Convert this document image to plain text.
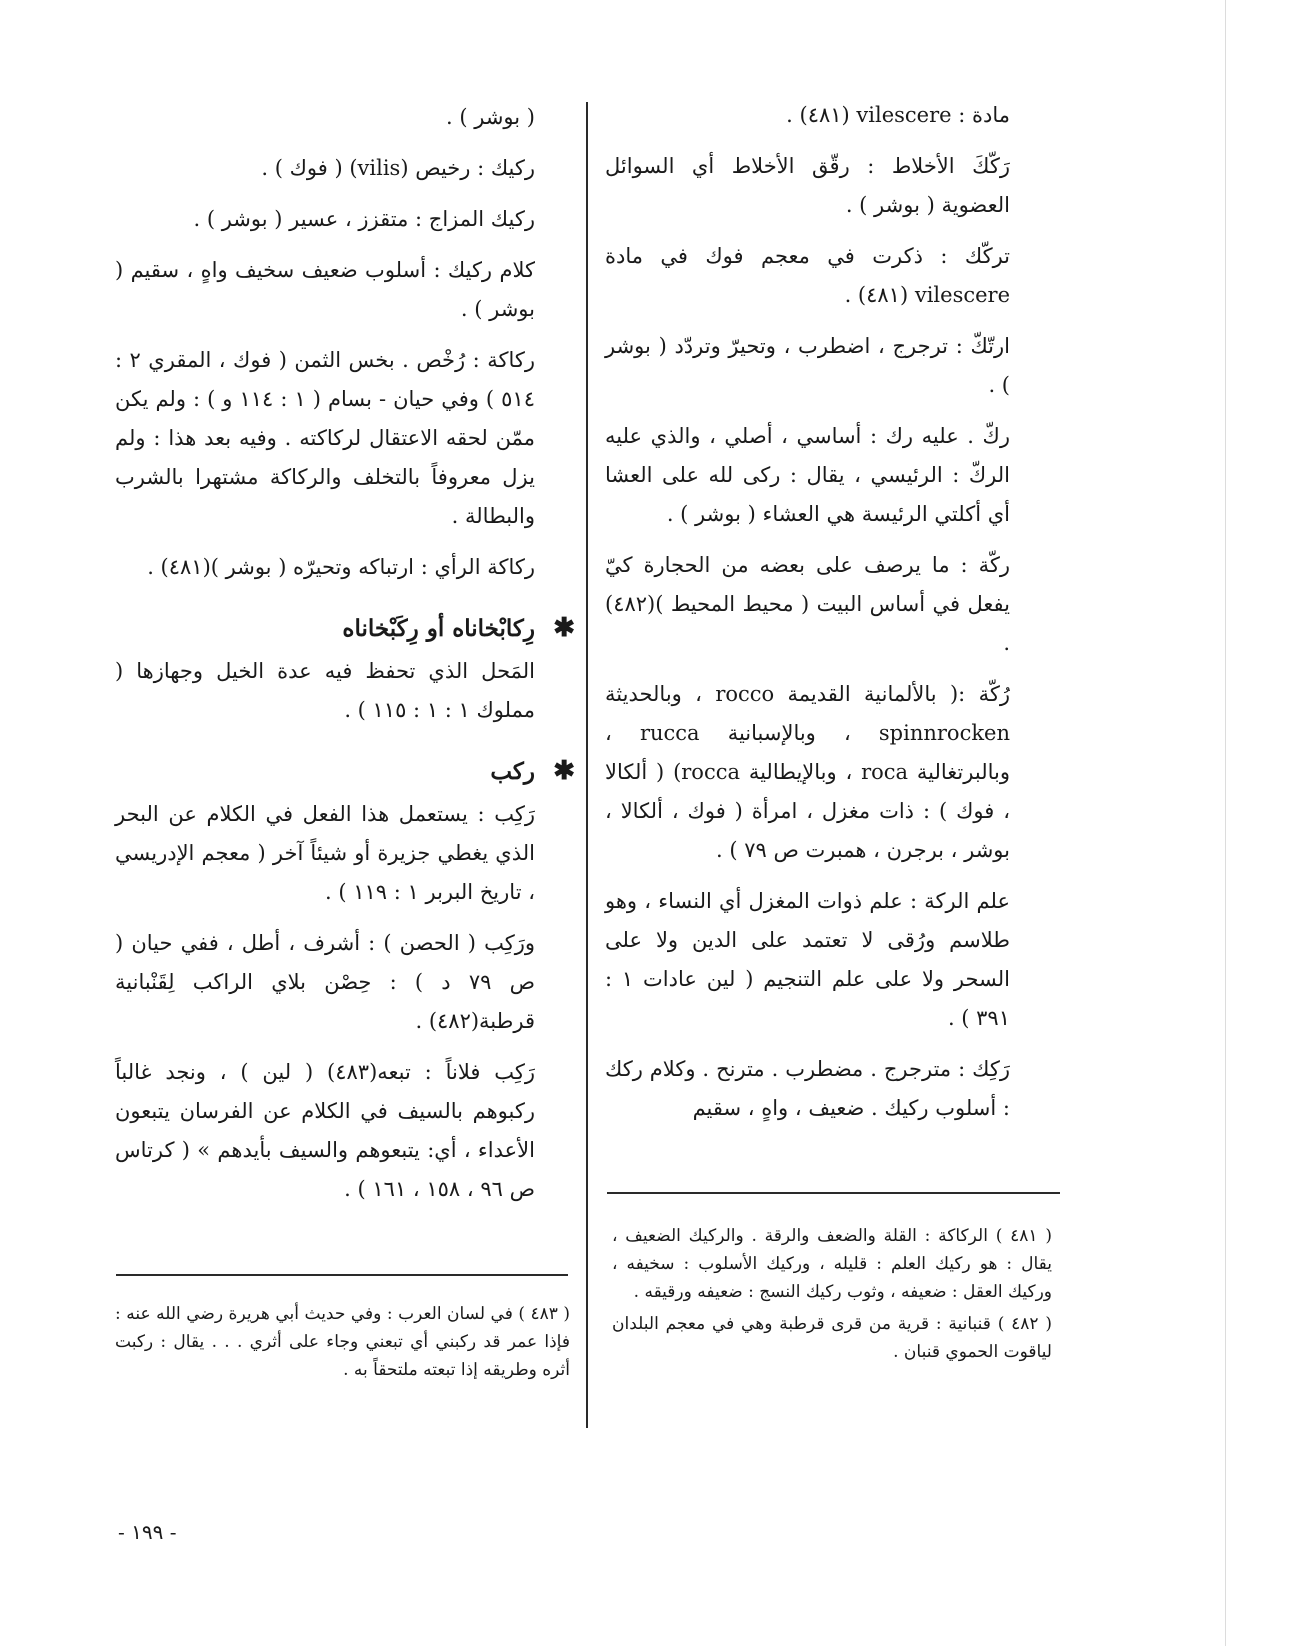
مادة : vilescere (٤٨١) .

رَكّكَ الأخلاط : رقّق الأخلاط أي السوائل العضوية ( بوشر ) .

تركّك : ذكرت في معجم فوك في مادة vilescere (٤٨١) .

ارتّكّ : ترجرج ، اضطرب ، وتحيرّ وتردّد ( بوشر ) .

ركّ . عليه رك : أساسي ، أصلي ، والذي عليه الركّ : الرئيسي ، يقال : ركى لله على العشا أي أكلتي الرئيسة هي العشاء ( بوشر ) .

ركّة : ما يرصف على بعضه من الحجارة كيّ يفعل في أساس البيت ( محيط المحيط )(٤٨٢) .

رُكّة :( بالألمانية القديمة rocco ، وبالحديثة spinnrocken ، وبالإسبانية rucca ، وبالبرتغالية roca ، وبالإيطالية rocca) ( ألكالا ، فوك ) : ذات مغزل ، امرأة ( فوك ، ألكالا ، بوشر ، برجرن ، همبرت ص ٧٩ ) .

علم الركة : علم ذوات المغزل أي النساء ، وهو طلاسم ورُقى لا تعتمد على الدين ولا على السحر ولا على علم التنجيم ( لين عادات ١ : ٣٩١ ) .

رَكِك : مترجرج . مضطرب . مترنح . وكلام ركك : أسلوب ركيك . ضعيف ، واهٍ ، سقيم

( بوشر ) .

ركيك : رخيص (vilis) ( فوك ) .

ركيك المزاج : متقزز ، عسير ( بوشر ) .

كلام ركيك : أسلوب ضعيف سخيف واهٍ ، سقيم ( بوشر ) .

ركاكة : رُخْص . بخس الثمن ( فوك ، المقري ٢ : ٥١٤ ) وفي حيان - بسام ( ١ : ١١٤ و ) : ولم يكن ممّن لحقه الاعتقال لركاكته . وفيه بعد هذا : ولم يزل معروفاً بالتخلف والركاكة مشتهرا بالشرب والبطالة .

ركاكة الرأي : ارتباكه وتحيرّه ( بوشر )(٤٨١) .

✱
رِكابْخاناه أو رِكَبْخاناه

المَحل الذي تحفظ فيه عدة الخيل وجهازها ( مملوك ١ : ١ : ١١٥ ) .

✱
ركب

رَكِب : يستعمل هذا الفعل في الكلام عن البحر الذي يغطي جزيرة أو شيئاً آخر ( معجم الإدريسي ، تاريخ البربر ١ : ١١٩ ) .

ورَكِب ( الحصن ) : أشرف ، أطل ، ففي حيان ( ص ٧٩ د ) : حِصْن بلاي الراكب لِقَنْبانية قرطبة(٤٨٢) .

رَكِب فلاناً : تبعه(٤٨٣) ( لين ) ، ونجد غالباً ركبوهم بالسيف في الكلام عن الفرسان يتبعون الأعداء ، أي: يتبعوهم والسيف بأيدهم » ( كرتاس ص ٩٦ ، ١٥٨ ، ١٦١ ) .

( ٤٨١ ) الركاكة : القلة والضعف والرقة . والركيك الضعيف ، يقال : هو ركيك العلم : قليله ، وركيك الأسلوب : سخيفه ، وركيك العقل : ضعيفه ، وثوب ركيك النسج : ضعيفه ورقيقه .

( ٤٨٢ ) قنبانية : قرية من قرى قرطبة وهي في معجم البلدان لياقوت الحموي قنبان .

( ٤٨٣ ) في لسان العرب : وفي حديث أبي هريرة رضي الله عنه : فإذا عمر قد ركبني أي تبعني وجاء على أثري . . . يقال : ركبت أثره وطريقه إذا تبعته ملتحقاً به .

- ١٩٩ -
